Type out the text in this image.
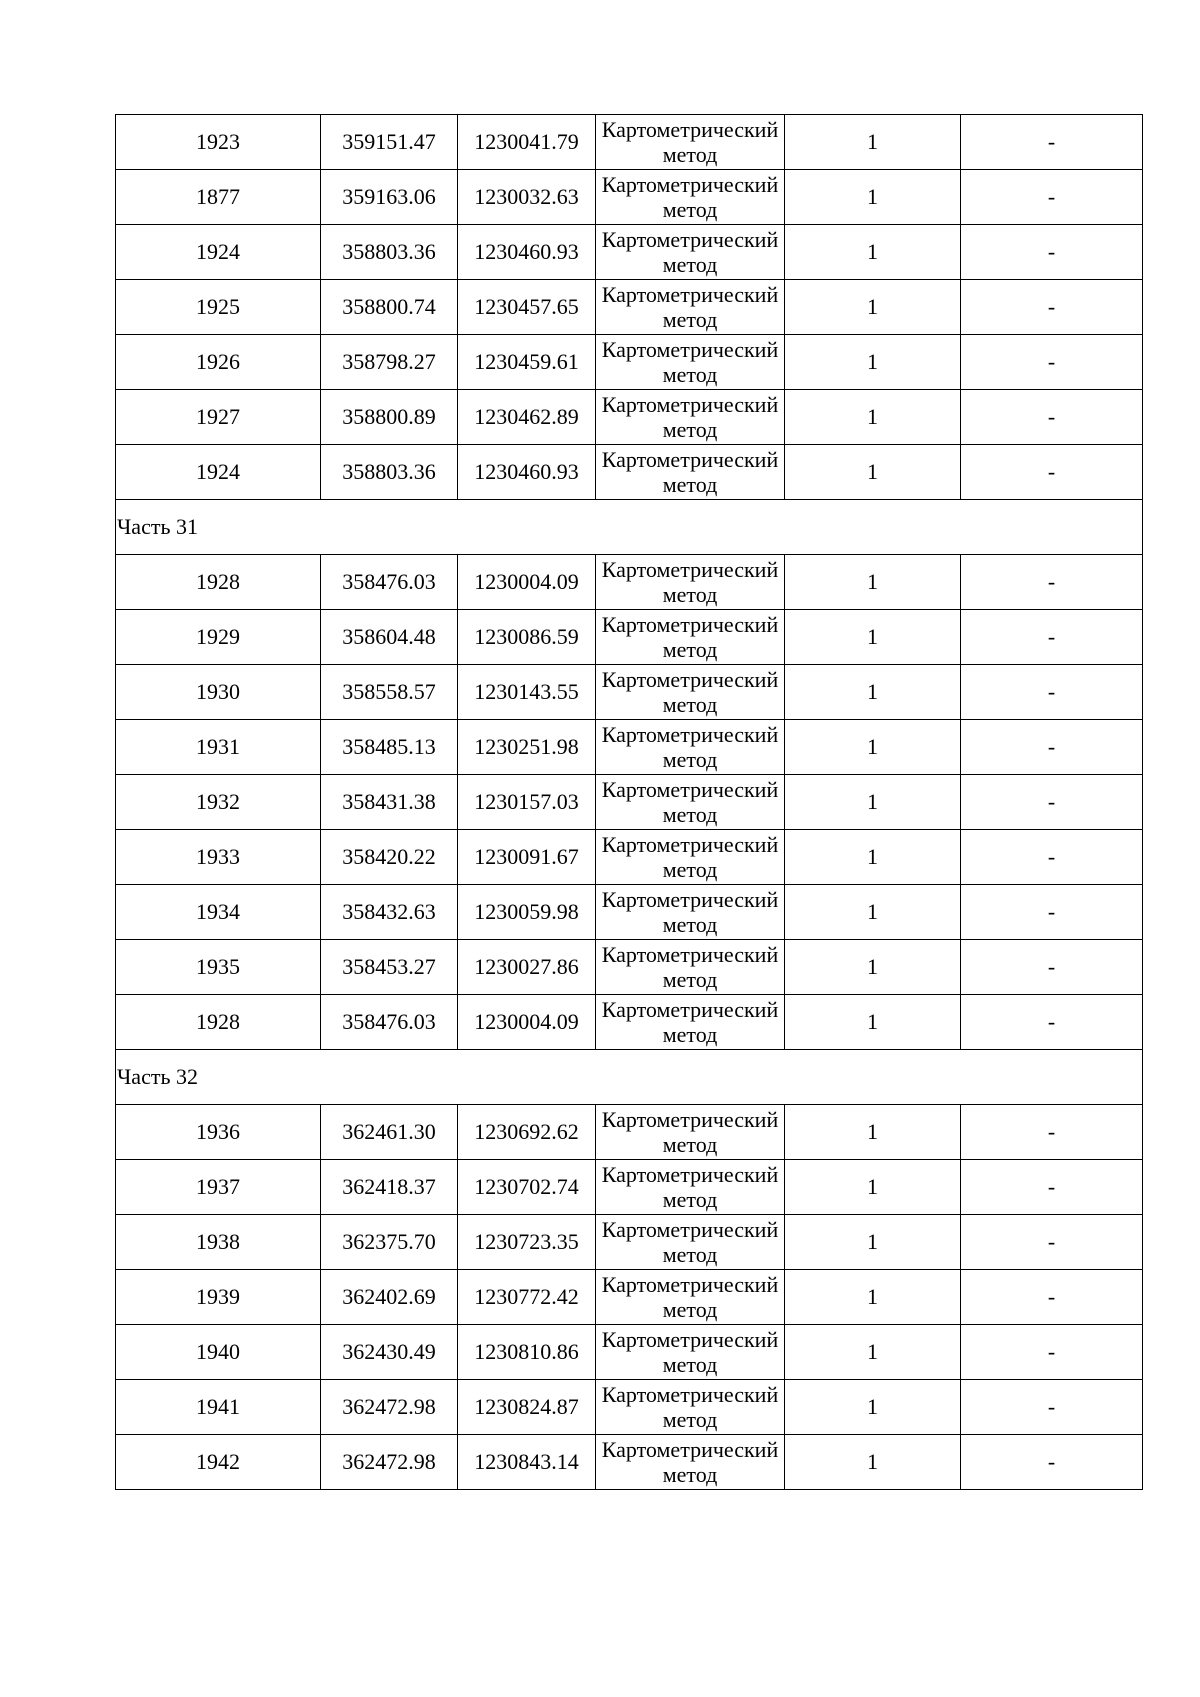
1923	359151.47	1230041.79	Картометрический метод	1	-
1877	359163.06	1230032.63	Картометрический метод	1	-
1924	358803.36	1230460.93	Картометрический метод	1	-
1925	358800.74	1230457.65	Картометрический метод	1	-
1926	358798.27	1230459.61	Картометрический метод	1	-
1927	358800.89	1230462.89	Картометрический метод	1	-
1924	358803.36	1230460.93	Картометрический метод	1	-
Часть 31					
1928	358476.03	1230004.09	Картометрический метод	1	-
1929	358604.48	1230086.59	Картометрический метод	1	-
1930	358558.57	1230143.55	Картометрический метод	1	-
1931	358485.13	1230251.98	Картометрический метод	1	-
1932	358431.38	1230157.03	Картометрический метод	1	-
1933	358420.22	1230091.67	Картометрический метод	1	-
1934	358432.63	1230059.98	Картометрический метод	1	-
1935	358453.27	1230027.86	Картометрический метод	1	-
1928	358476.03	1230004.09	Картометрический метод	1	-
Часть 32					
1936	362461.30	1230692.62	Картометрический метод	1	-
1937	362418.37	1230702.74	Картометрический метод	1	-
1938	362375.70	1230723.35	Картометрический метод	1	-
1939	362402.69	1230772.42	Картометрический метод	1	-
1940	362430.49	1230810.86	Картометрический метод	1	-
1941	362472.98	1230824.87	Картометрический метод	1	-
1942	362472.98	1230843.14	Картометрический метод	1	-
